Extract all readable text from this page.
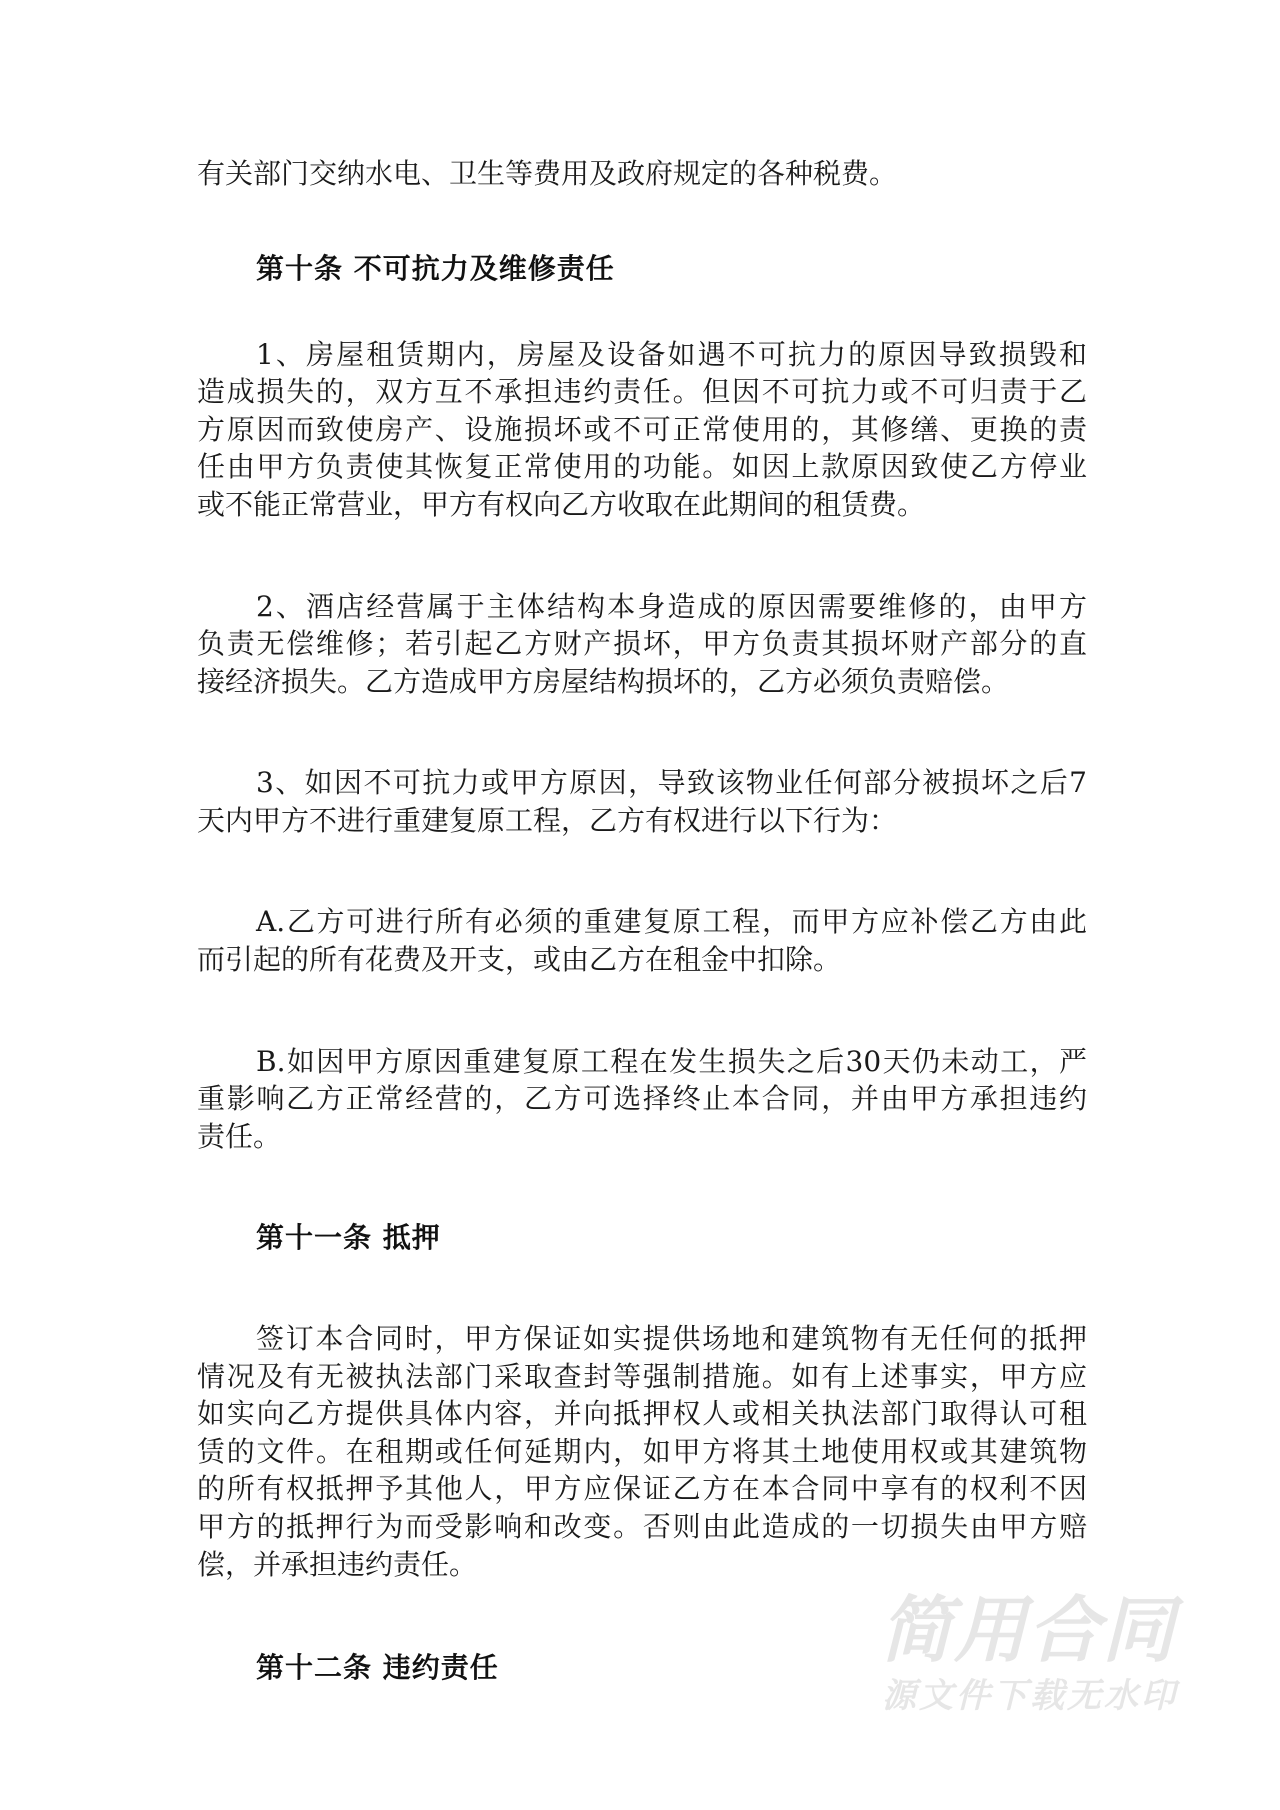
有关部门交纳水电、卫生等费用及政府规定的各种税费。
第十条 不可抗力及维修责任
1、房屋租赁期内，房屋及设备如遇不可抗力的原因导致损毁和
造成损失的，双方互不承担违约责任。但因不可抗力或不可归责于乙
方原因而致使房产、设施损坏或不可正常使用的，其修缮、更换的责
任由甲方负责使其恢复正常使用的功能。如因上款原因致使乙方停业
或不能正常营业，甲方有权向乙方收取在此期间的租赁费。
2、酒店经营属于主体结构本身造成的原因需要维修的，由甲方
负责无偿维修；若引起乙方财产损坏，甲方负责其损坏财产部分的直
接经济损失。乙方造成甲方房屋结构损坏的，乙方必须负责赔偿。
3、如因不可抗力或甲方原因，导致该物业任何部分被损坏之后7
天内甲方不进行重建复原工程，乙方有权进行以下行为：
A.乙方可进行所有必须的重建复原工程，而甲方应补偿乙方由此
而引起的所有花费及开支，或由乙方在租金中扣除。
B.如因甲方原因重建复原工程在发生损失之后30天仍未动工，严
重影响乙方正常经营的，乙方可选择终止本合同，并由甲方承担违约
责任。
第十一条 抵押
签订本合同时，甲方保证如实提供场地和建筑物有无任何的抵押
情况及有无被执法部门采取查封等强制措施。如有上述事实，甲方应
如实向乙方提供具体内容，并向抵押权人或相关执法部门取得认可租
赁的文件。在租期或任何延期内，如甲方将其土地使用权或其建筑物
的所有权抵押予其他人，甲方应保证乙方在本合同中享有的权利不因
甲方的抵押行为而受影响和改变。否则由此造成的一切损失由甲方赔
偿，并承担违约责任。
第十二条 违约责任	简用合同
源文件下载无水印
